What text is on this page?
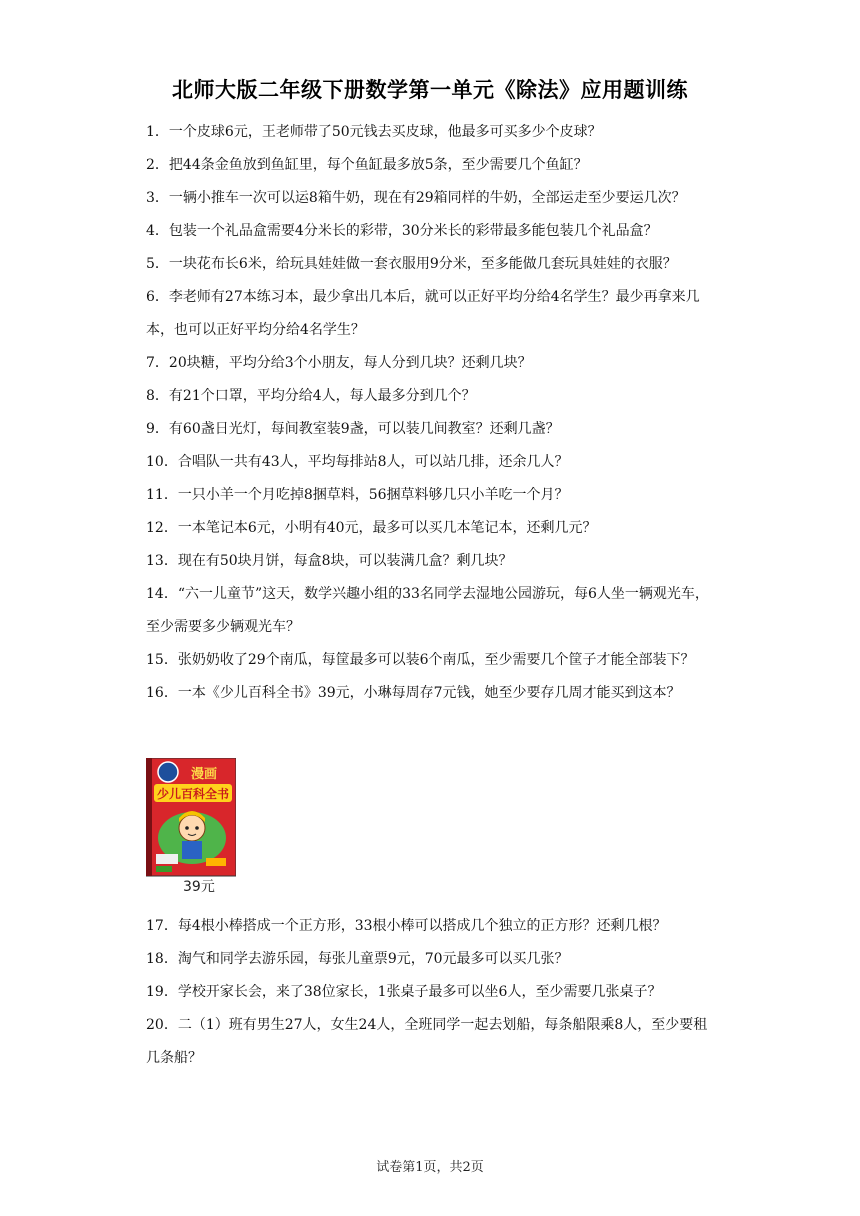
北师大版二年级下册数学第一单元《除法》应用题训练

1．一个皮球6元，王老师带了50元钱去买皮球，他最多可买多少个皮球？

2．把44条金鱼放到鱼缸里，每个鱼缸最多放5条，至少需要几个鱼缸？

3．一辆小推车一次可以运8箱牛奶，现在有29箱同样的牛奶，全部运走至少要运几次？

4．包装一个礼品盒需要4分米长的彩带，30分米长的彩带最多能包装几个礼品盒？

5．一块花布长6米，给玩具娃娃做一套衣服用9分米，至多能做几套玩具娃娃的衣服？

6．李老师有27本练习本，最少拿出几本后，就可以正好平均分给4名学生？最少再拿来几本，也可以正好平均分给4名学生？

7．20块糖，平均分给3个小朋友，每人分到几块？还剩几块？

8．有21个口罩，平均分给4人，每人最多分到几个？

9．有60盏日光灯，每间教室装9盏，可以装几间教室？还剩几盏？

10．合唱队一共有43人，平均每排站8人，可以站几排，还余几人？

11．一只小羊一个月吃掉8捆草料，56捆草料够几只小羊吃一个月？

12．一本笔记本6元，小明有40元，最多可以买几本笔记本，还剩几元？

13．现在有50块月饼，每盒8块，可以装满几盒？剩几块？

14．“六一儿童节”这天，数学兴趣小组的33名同学去湿地公园游玩，每6人坐一辆观光车，至少需要多少辆观光车？

15．张奶奶收了29个南瓜，每筐最多可以装6个南瓜，至少需要几个筐子才能全部装下？

16．一本《少儿百科全书》39元，小琳每周存7元钱，她至少要存几周才能买到这本？

漫画
少儿百科全书
39元

17．每4根小棒搭成一个正方形，33根小棒可以搭成几个独立的正方形？还剩几根？

18．淘气和同学去游乐园，每张儿童票9元，70元最多可以买几张？

19．学校开家长会，来了38位家长，1张桌子最多可以坐6人，至少需要几张桌子？

20．二（1）班有男生27人，女生24人，全班同学一起去划船，每条船限乘8人，至少要租几条船？

试卷第1页，共2页
